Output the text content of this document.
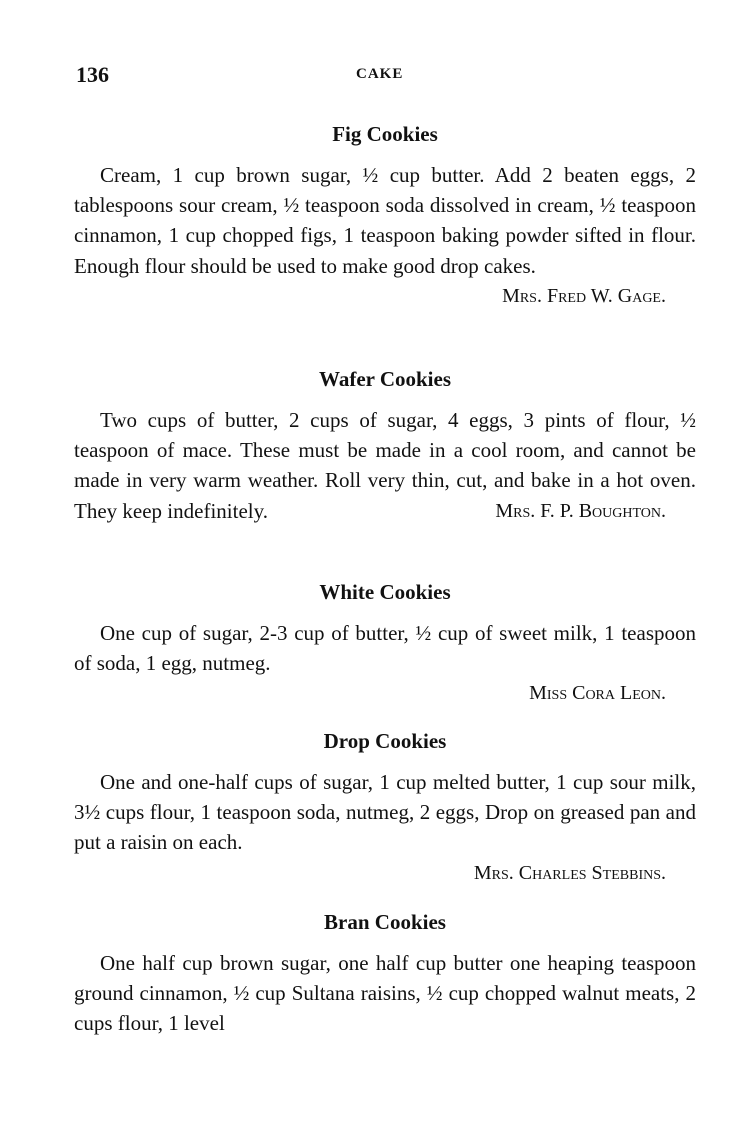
136	CAKE
Fig Cookies

Cream, 1 cup brown sugar, ½ cup butter. Add 2 beaten eggs, 2 tablespoons sour cream, ½ teaspoon soda dissolved in cream, ½ teaspoon cinnamon, 1 cup chopped figs, 1 teaspoon baking powder sifted in flour. Enough flour should be used to make good drop cakes.

Mrs. Fred W. Gage.

Wafer Cookies

Two cups of butter, 2 cups of sugar, 4 eggs, 3 pints of flour, ½ teaspoon of mace. These must be made in a cool room, and cannot be made in very warm weather. Roll very thin, cut, and bake in a hot oven. They keep indefinitely.	Mrs. F. P. Boughton.

White Cookies

One cup of sugar, 2-3 cup of butter, ½ cup of sweet milk, 1 teaspoon of soda, 1 egg, nutmeg.

Miss Cora Leon.

Drop Cookies

One and one-half cups of sugar, 1 cup melted butter, 1 cup sour milk, 3½ cups flour, 1 teaspoon soda, nutmeg, 2 eggs, Drop on greased pan and put a raisin on each.

Mrs. Charles Stebbins.

Bran Cookies

One half cup brown sugar, one half cup butter one heaping teaspoon ground cinnamon, ½ cup Sultana raisins, ½ cup chopped walnut meats, 2 cups flour, 1 level
